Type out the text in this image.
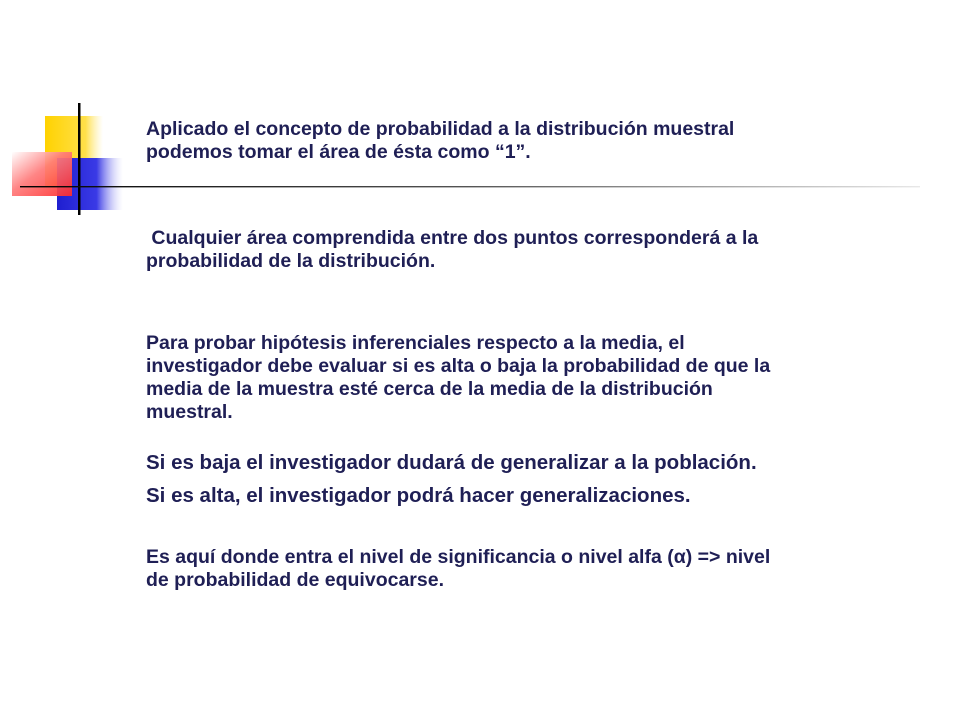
Aplicado el concepto de probabilidad a la distribución muestral
podemos tomar el área de ésta como “1”.

Cualquier área comprendida entre dos puntos corresponderá a la
probabilidad de la distribución.

Para probar hipótesis inferenciales respecto a la media, el
investigador debe evaluar si es alta o baja la probabilidad de que la
media de la muestra esté cerca de la media de la distribución
muestral.

Si es baja el investigador dudará de generalizar a la población.

Si es alta, el investigador podrá hacer generalizaciones.

Es aquí donde entra el nivel de significancia o nivel alfa (α) => nivel
de probabilidad de equivocarse.
